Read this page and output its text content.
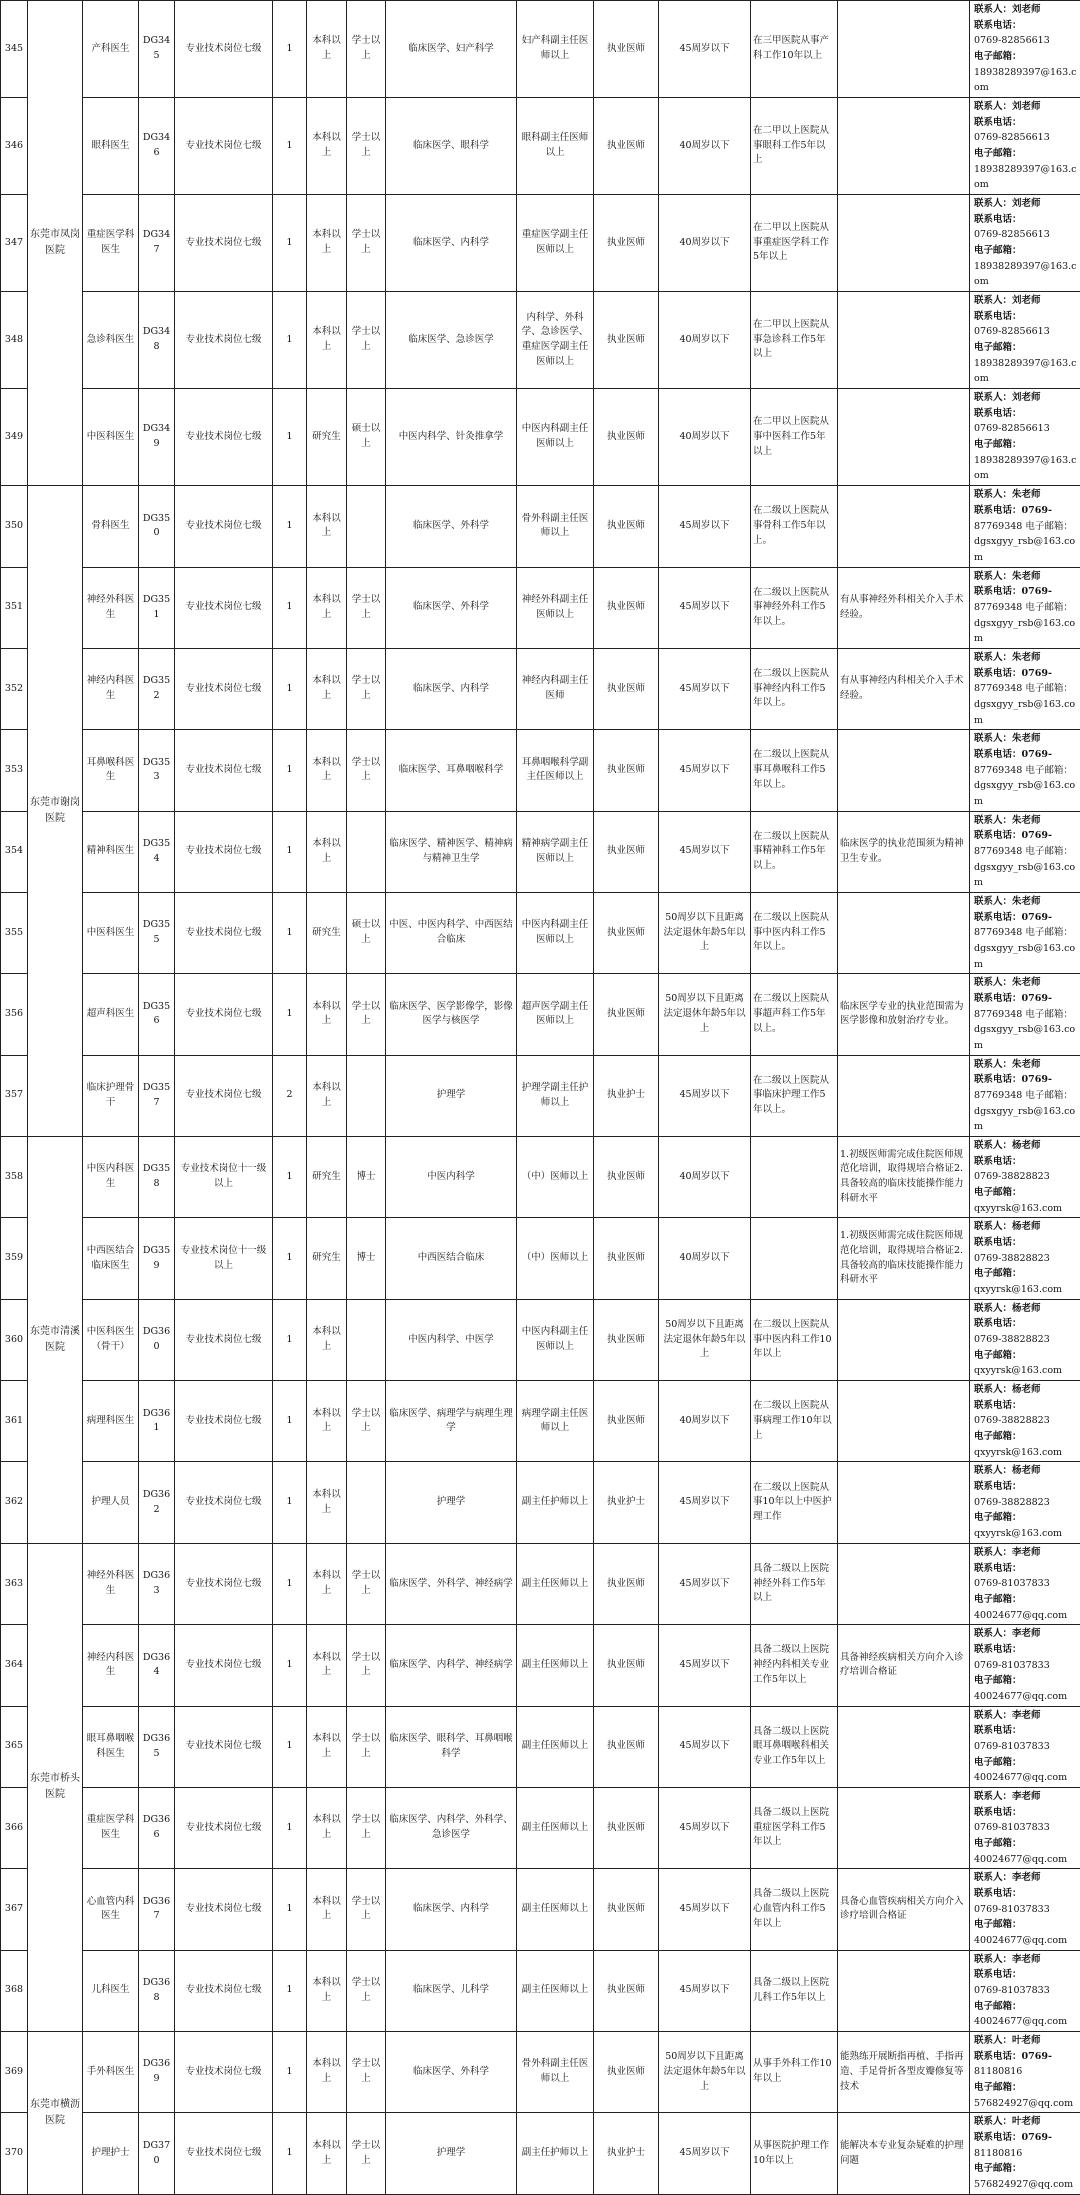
345	东莞市凤岗医院	产科医生	DG345	专业技术岗位七级	1	本科以上	学士以上	临床医学、妇产科学	妇产科副主任医师以上	执业医师	45周岁以下	在三甲医院从事产科工作10年以上		联系人：刘老师
联系电话：
0769-82856613
电子邮箱：
18938289397@163.com

346		眼科医生	DG346	专业技术岗位七级	1	本科以上	学士以上	临床医学、眼科学	眼科副主任医师以上	执业医师	40周岁以下	在二甲以上医院从事眼科工作5年以上		联系人：刘老师
联系电话：
0769-82856613
电子邮箱：
18938289397@163.com

347		重症医学科医生	DG347	专业技术岗位七级	1	本科以上	学士以上	临床医学、内科学	重症医学副主任医师以上	执业医师	40周岁以下	在二甲以上医院从事重症医学科工作5年以上		联系人：刘老师
联系电话：
0769-82856613
电子邮箱：
18938289397@163.com

348		急诊科医生	DG348	专业技术岗位七级	1	本科以上	学士以上	临床医学、急诊医学	内科学、外科学、急诊医学、重症医学副主任医师以上	执业医师	40周岁以下	在二甲以上医院从事急诊科工作5年以上		联系人：刘老师
联系电话：
0769-82856613
电子邮箱：
18938289397@163.com

349		中医科医生	DG349	专业技术岗位七级	1	研究生	硕士以上	中医内科学、针灸推拿学	中医内科副主任医师以上	执业医师	40周岁以下	在二甲以上医院从事中医科工作5年以上		联系人：刘老师
联系电话：
0769-82856613
电子邮箱：
18938289397@163.com

350	东莞市谢岗医院	骨科医生	DG350	专业技术岗位七级	1	本科以上		临床医学、外科学	骨外科副主任医师以上	执业医师	45周岁以下	在二级以上医院从事骨科工作5年以上。		联系人：朱老师
联系电话：0769-
87769348 电子邮箱：
dgsxgyy_rsb@163.com

351		神经外科医生	DG351	专业技术岗位七级	1	本科以上	学士以上	临床医学、外科学	神经外科副主任医师以上	执业医师	45周岁以下	在二级以上医院从事神经外科工作5年以上。	有从事神经外科相关介入手术经验。	联系人：朱老师
联系电话：0769-
87769348 电子邮箱：
dgsxgyy_rsb@163.com

352		神经内科医生	DG352	专业技术岗位七级	1	本科以上	学士以上	临床医学、内科学	神经内科副主任医师	执业医师	45周岁以下	在二级以上医院从事神经内科工作5年以上。	有从事神经内科相关介入手术经验。	联系人：朱老师
联系电话：0769-
87769348 电子邮箱：
dgsxgyy_rsb@163.com

353		耳鼻喉科医生	DG353	专业技术岗位七级	1	本科以上	学士以上	临床医学、耳鼻咽喉科学	耳鼻咽喉科学副主任医师以上	执业医师	45周岁以下	在二级以上医院从事耳鼻喉科工作5年以上。		联系人：朱老师
联系电话：0769-
87769348 电子邮箱：
dgsxgyy_rsb@163.com

354		精神科医生	DG354	专业技术岗位七级	1	本科以上		临床医学、精神医学、精神病与精神卫生学	精神病学副主任医师以上	执业医师	45周岁以下	在二级以上医院从事精神科工作5年以上。	临床医学的执业范围须为精神卫生专业。	联系人：朱老师
联系电话：0769-
87769348 电子邮箱：
dgsxgyy_rsb@163.com

355		中医科医生	DG355	专业技术岗位七级	1	研究生	硕士以上	中医、中医内科学、中西医结合临床	中医内科副主任医师以上	执业医师	50周岁以下且距离法定退休年龄5年以上	在二级以上医院从事中医内科工作5年以上。		联系人：朱老师
联系电话：0769-
87769348 电子邮箱：
dgsxgyy_rsb@163.com

356		超声科医生	DG356	专业技术岗位七级	1	本科以上	学士以上	临床医学、医学影像学，影像医学与核医学	超声医学副主任医师以上	执业医师	50周岁以下且距离法定退休年龄5年以上	在二级以上医院从事超声科工作5年以上。	临床医学专业的执业范围需为医学影像和放射治疗专业。	联系人：朱老师
联系电话：0769-
87769348 电子邮箱：
dgsxgyy_rsb@163.com

357		临床护理骨干	DG357	专业技术岗位七级	2	本科以上		护理学	护理学副主任护师以上	执业护士	45周岁以下	在二级以上医院从事临床护理工作5年以上。		联系人：朱老师
联系电话：0769-
87769348 电子邮箱：
dgsxgyy_rsb@163.com

358	东莞市清溪医院	中医内科医生	DG358	专业技术岗位十一级以上	1	研究生	博士	中医内科学	（中）医师以上	执业医师	40周岁以下		1.初级医师需完成住院医师规范化培训，取得规培合格证2.具备较高的临床技能操作能力科研水平	联系人：杨老师
联系电话：
0769-38828823
电子邮箱：
qxyyrsk@163.com

359		中西医结合临床医生	DG359	专业技术岗位十一级以上	1	研究生	博士	中西医结合临床	（中）医师以上	执业医师	40周岁以下		1.初级医师需完成住院医师规范化培训，取得规培合格证2.具备较高的临床技能操作能力科研水平	联系人：杨老师
联系电话：
0769-38828823
电子邮箱：
qxyyrsk@163.com

360		中医科医生（骨干）	DG360	专业技术岗位七级	1	本科以上		中医内科学、中医学	中医内科副主任医师以上	执业医师	50周岁以下且距离法定退休年龄5年以上	在二级以上医院从事中医内科工作10年以上		联系人：杨老师
联系电话：
0769-38828823
电子邮箱：
qxyyrsk@163.com

361		病理科医生	DG361	专业技术岗位七级	1	本科以上	学士以上	临床医学、病理学与病理生理学	病理学副主任医师以上	执业医师	40周岁以下	在二级以上医院从事病理工作10年以上		联系人：杨老师
联系电话：
0769-38828823
电子邮箱：
qxyyrsk@163.com

362		护理人员	DG362	专业技术岗位七级	1	本科以上		护理学	副主任护师以上	执业护士	45周岁以下	在二级以上医院从事10年以上中医护理工作		联系人：杨老师
联系电话：
0769-38828823
电子邮箱：
qxyyrsk@163.com

363	东莞市桥头医院	神经外科医生	DG363	专业技术岗位七级	1	本科以上	学士以上	临床医学、外科学、神经病学	副主任医师以上	执业医师	45周岁以下	具备二级以上医院神经外科工作5年以上		联系人：李老师
联系电话：
0769-81037833
电子邮箱：
40024677@qq.com

364		神经内科医生	DG364	专业技术岗位七级	1	本科以上	学士以上	临床医学、内科学、神经病学	副主任医师以上	执业医师	45周岁以下	具备二级以上医院神经内科相关专业工作5年以上	具备神经疾病相关方向介入诊疗培训合格证	联系人：李老师
联系电话：
0769-81037833
电子邮箱：
40024677@qq.com

365		眼耳鼻咽喉科医生	DG365	专业技术岗位七级	1	本科以上	学士以上	临床医学、眼科学、耳鼻咽喉科学	副主任医师以上	执业医师	45周岁以下	具备二级以上医院眼耳鼻咽喉科相关专业工作5年以上		联系人：李老师
联系电话：
0769-81037833
电子邮箱：
40024677@qq.com

366		重症医学科医生	DG366	专业技术岗位七级	1	本科以上	学士以上	临床医学、内科学、外科学、急诊医学	副主任医师以上	执业医师	45周岁以下	具备二级以上医院重症医学科工作5年以上		联系人：李老师
联系电话：
0769-81037833
电子邮箱：
40024677@qq.com

367		心血管内科医生	DG367	专业技术岗位七级	1	本科以上	学士以上	临床医学、内科学	副主任医师以上	执业医师	45周岁以下	具备二级以上医院心血管内科工作5年以上	具备心血管疾病相关方向介入诊疗培训合格证	联系人：李老师
联系电话：
0769-81037833
电子邮箱：
40024677@qq.com

368		儿科医生	DG368	专业技术岗位七级	1	本科以上	学士以上	临床医学、儿科学	副主任医师以上	执业医师	45周岁以下	具备二级以上医院儿科工作5年以上		联系人：李老师
联系电话：
0769-81037833
电子邮箱：
40024677@qq.com

369	东莞市横沥医院	手外科医生	DG369	专业技术岗位七级	1	本科以上	学士以上	临床医学、外科学	骨外科副主任医师以上	执业医师	50周岁以下且距离法定退休年龄5年以上	从事手外科工作10年以上	能熟练开展断指再植、手指再造、手足骨折各型皮瓣修复等技术	联系人：叶老师
联系电话：0769-
81180816
电子邮箱：
576824927@qq.com

370		护理护士	DG370	专业技术岗位七级	1	本科以上	学士以上	护理学	副主任护师以上	执业护士	45周岁以下	从事医院护理工作10年以上	能解决本专业复杂疑难的护理问题	联系人：叶老师
联系电话：0769-
81180816
电子邮箱：
576824927@qq.com
